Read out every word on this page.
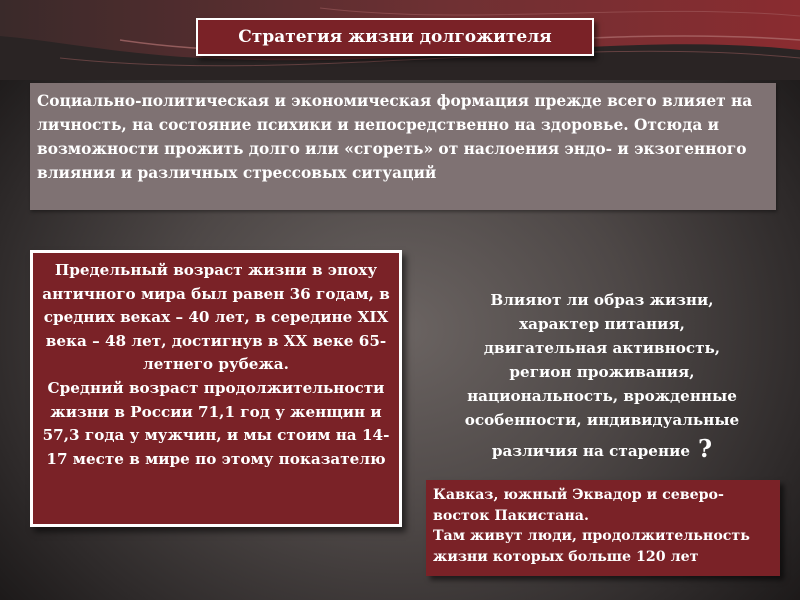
Стратегия жизни долгожителя
Социально-политическая и экономическая формация прежде всего влияет на личность, на состояние психики и непосредственно на здоровье. Отсюда и возможности прожить долго или «сгореть» от наслоения эндо- и экзогенного влияния и различных стрессовых ситуаций

Предельный возраст жизни в эпоху античного мира был равен 36 годам, в средних веках – 40 лет, в середине XIX века – 48 лет, достигнув в XX веке 65-летнего рубежа.

Средний возраст продолжительности жизни в России 71,1 год у женщин и 57,3 года у мужчин, и мы стоим на 14-17 месте в мире по этому показателю

Влияют ли образ жизни,
характер питания,
двигательная активность,
регион проживания,
национальность, врожденные
особенности, индивидуальные
различия на старение ?

Кавказ, южный Эквадор и северо-восток Пакистана.

Там живут люди, продолжительность жизни которых больше 120 лет
